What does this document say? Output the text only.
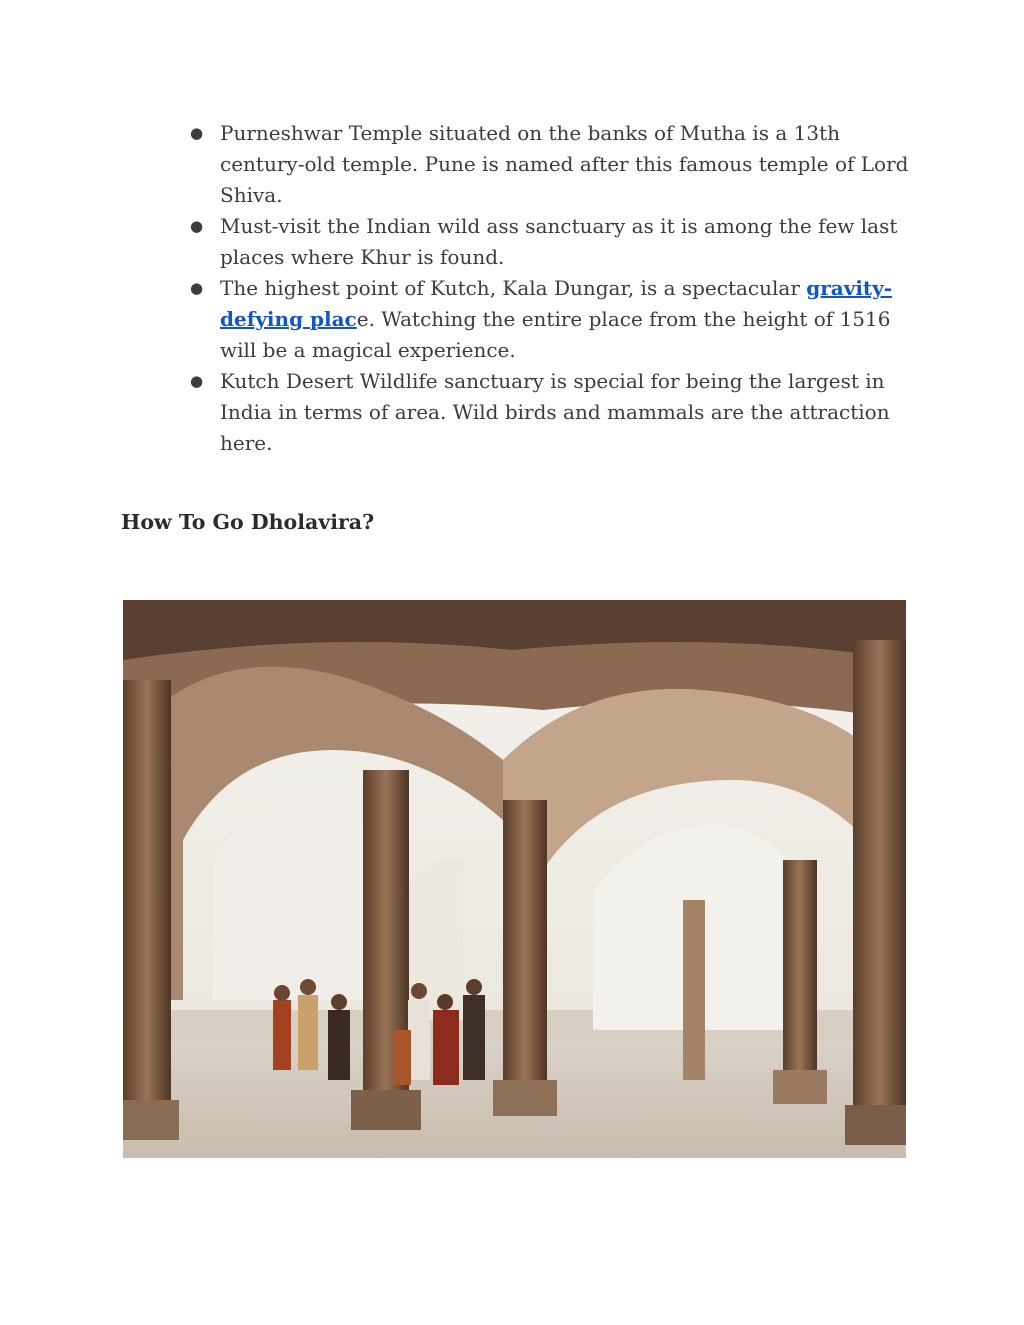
● Purneshwar Temple situated on the banks of Mutha is a 13th century-old temple. Pune is named after this famous temple of Lord Shiva.
● Must-visit the Indian wild ass sanctuary as it is among the few last places where Khur is found.
● The highest point of Kutch, Kala Dungar, is a spectacular gravity-defying place. Watching the entire place from the height of 1516 will be a magical experience.
● Kutch Desert Wildlife sanctuary is special for being the largest in India in terms of area. Wild birds and mammals are the attraction here.
How To Go Dholavira?
